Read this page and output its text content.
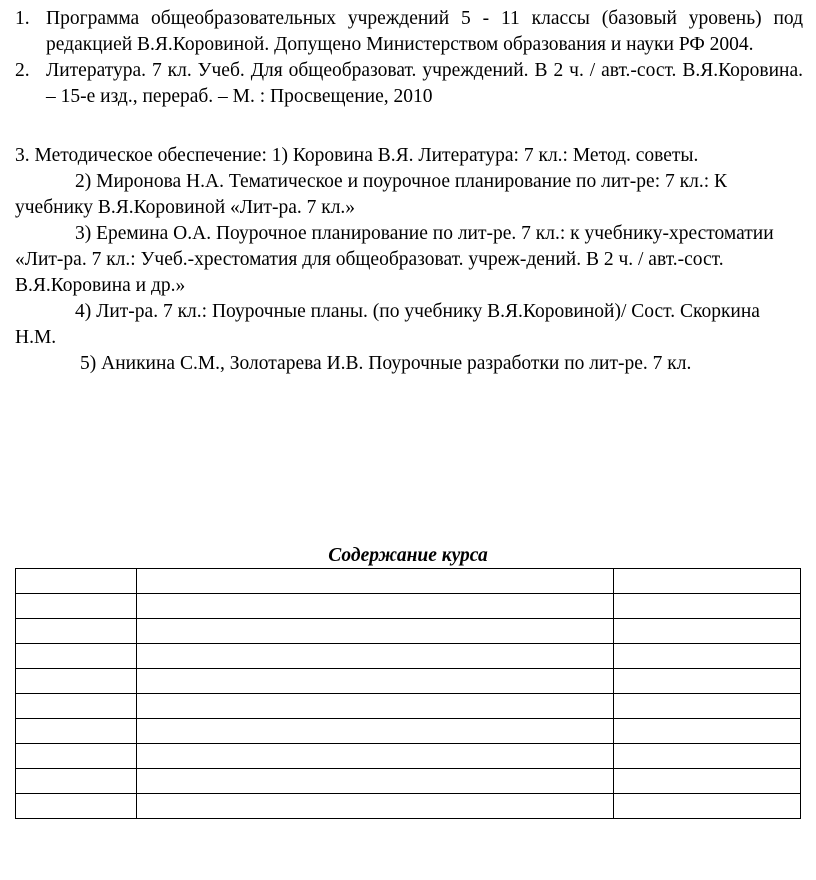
1. Программа общеобразовательных учреждений 5 - 11 классы (базовый уровень) под редакцией В.Я.Коровиной. Допущено Министерством образования и науки РФ 2004.
2. Литература. 7 кл. Учеб. Для общеобразоват. учреждений. В 2 ч. / авт.-сост. В.Я.Коровина. – 15-е изд., перераб. – М. : Просвещение, 2010

3. Методическое обеспечение: 1) Коровина В.Я. Литература: 7 кл.: Метод. советы.

2) Миронова Н.А. Тематическое и поурочное планирование по лит-ре: 7 кл.: К учебнику В.Я.Коровиной «Лит-ра. 7 кл.»

3) Еремина О.А. Поурочное планирование по лит-ре. 7 кл.: к учебнику-хрестоматии «Лит-ра. 7 кл.: Учеб.-хрестоматия для общеобразоват. учреж-дений. В 2 ч. / авт.-сост. В.Я.Коровина и др.»

4) Лит-ра. 7 кл.: Поурочные планы. (по учебнику В.Я.Коровиной)/ Сост. Скоркина Н.М.

5) Аникина С.М., Золотарева И.В. Поурочные разработки по лит-ре. 7 кл.

Содержание курса
